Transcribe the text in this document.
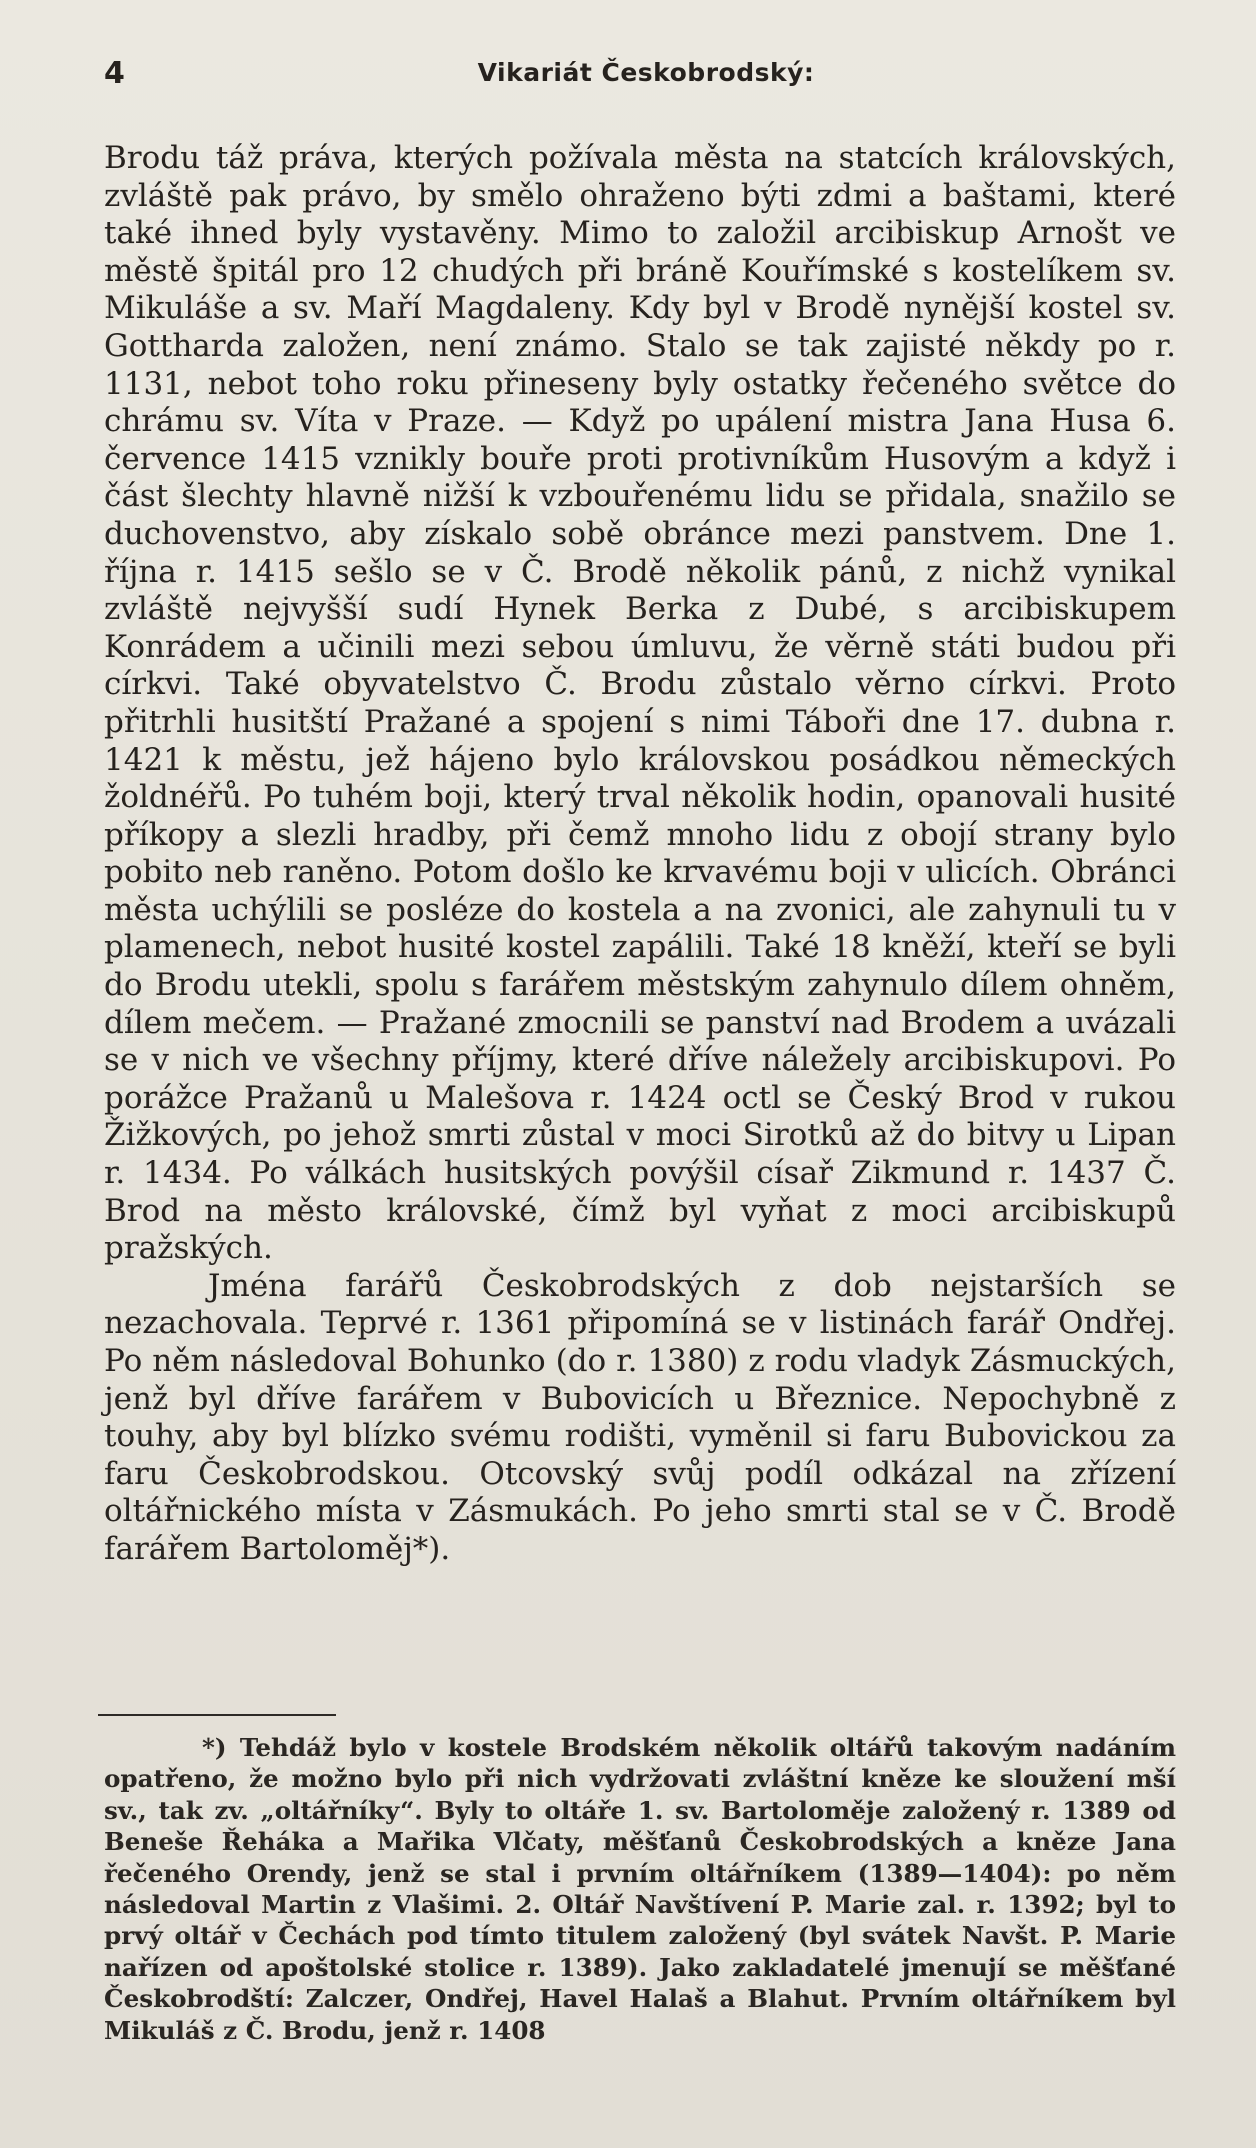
4	Vikariát Českobrodský:

Brodu táž práva, kterých požívala města na statcích královských, zvláště pak právo, by smělo ohraženo býti zdmi a baštami, které také ihned byly vystavěny. Mimo to založil arcibiskup Arnošt ve městě špitál pro 12 chudých při bráně Kouřímské s kostelíkem sv. Mikuláše a sv. Maří Magdaleny. Kdy byl v Brodě nynější kostel sv. Gotthardа založen, není známo. Stalo se tak zajisté někdy po r. 1131, nebot toho roku přineseny byly ostatky řečeného světce do chrámu sv. Víta v Praze. — Když po upálení mistra Jana Husa 6. července 1415 vznikly bouře proti protivníkům Husovým a když i část šlechty hlavně nižší k vzbouřenému lidu se přidala, snažilo se duchovenstvo, aby získalo sobě obránce mezi panstvem. Dne 1. října r. 1415 sešlo se v Č. Brodě několik pánů, z nichž vynikal zvláště nejvyšší sudí Hynek Berka z Dubé, s arcibiskupem Konrádem a učinili mezi sebou úmluvu, že věrně státi budou při církvi. Také obyvatelstvo Č. Brodu zůstalo věrno církvi. Proto přitrhli husitští Pražané a spojení s nimi Táboři dne 17. dubna r. 1421 k městu, jež hájeno bylo královskou posádkou německých žoldnéřů. Po tuhém boji, který trval několik hodin, opanovali husité příkopy a slezli hradby, při čemž mnoho lidu z obojí strany bylo pobito neb raněno. Potom došlo ke krvavému boji v ulicích. Obránci města uchýlili se posléze do kostela a na zvonici, ale zahynuli tu v plamenech, nebot husité kostel zapálili. Také 18 kněží, kteří se byli do Brodu utekli, spolu s farářem městským zahynulo dílem ohněm, dílem mečem. — Pražané zmocnili se panství nad Brodem a uvázali se v nich ve všechny příjmy, které dříve náležely arcibiskupovi. Po porážce Pražanů u Malešova r. 1424 octl se Český Brod v rukou Žižkových, po jehož smrti zůstal v moci Sirotků až do bitvy u Lipan r. 1434. Po válkách husitských povýšil císař Zikmund r. 1437 Č. Brod na město královské, čímž byl vyňat z moci arcibiskupů pražských.

Jména farářů Českobrodských z dob nejstarších se nezachovala. Teprvé r. 1361 připomíná se v listinách farář Ondřej. Po něm následoval Bohunko (do r. 1380) z rodu vladyk Zásmuckých, jenž byl dříve farářem v Bubovicích u Březnice. Nepochybně z touhy, aby byl blízko svému rodišti, vyměnil si faru Bubovickou za faru Českobrodskou. Otcovský svůj podíl odkázal na zřízení oltářnického místa v Zásmukách. Po jeho smrti stal se v Č. Brodě farářem Bartoloměj*).

*) Tehdáž bylo v kostele Brodském několik oltářů takovým nadáním opatřeno, že možno bylo při nich vydržovati zvláštní kněze ke sloužení mší sv., tak zv. „oltářníky“. Byly to oltáře 1. sv. Bartoloměje založený r. 1389 od Beneše Řeháka a Mařika Vlčaty, měšťanů Českobrodských a kněze Jana řečeného Orendy, jenž se stal i prvním oltářníkem (1389—1404): po něm následoval Martin z Vlašimi. 2. Oltář Navštívení P. Marie zal. r. 1392; byl to prvý oltář v Čechách pod tímto titulem založený (byl svátek Navšt. P. Marie nařízen od apoštolské stolice r. 1389). Jako zakladatelé jmenují se měšťané Českobrodští: Zalczer, Ondřej, Havel Halaš a Blahut. Prvním oltářníkem byl Mikuláš z Č. Brodu, jenž r. 1408
